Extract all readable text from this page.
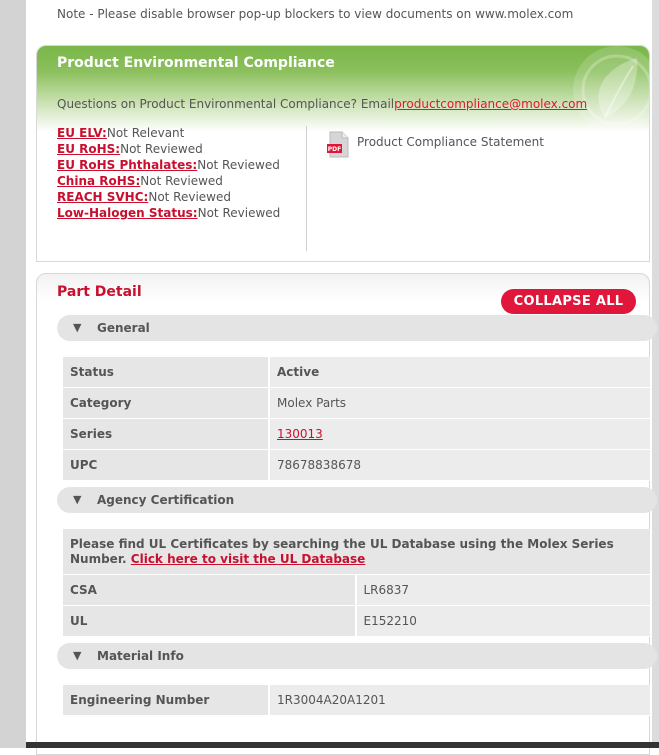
Note - Please disable browser pop-up blockers to view documents on www.molex.com
Product Environmental Compliance
Questions on Product Environmental Compliance? Emailproductcompliance@molex.com
EU ELV:Not Relevant
EU RoHS:Not Reviewed
EU RoHS Phthalates:Not Reviewed
China RoHS:Not Reviewed
REACH SVHC:Not Reviewed
Low-Halogen Status:Not Reviewed
PDF
Product Compliance Statement
Part Detail
COLLAPSE ALL
▼ General
Status	Active
Category	Molex Parts
Series	130013
UPC	78678838678
▼ Agency Certification
Please find UL Certificates by searching the UL Database using the Molex Series Number. Click here to visit the UL Database	
CSA	LR6837
UL	E152210
▼ Material Info
Engineering Number	1R3004A20A1201
